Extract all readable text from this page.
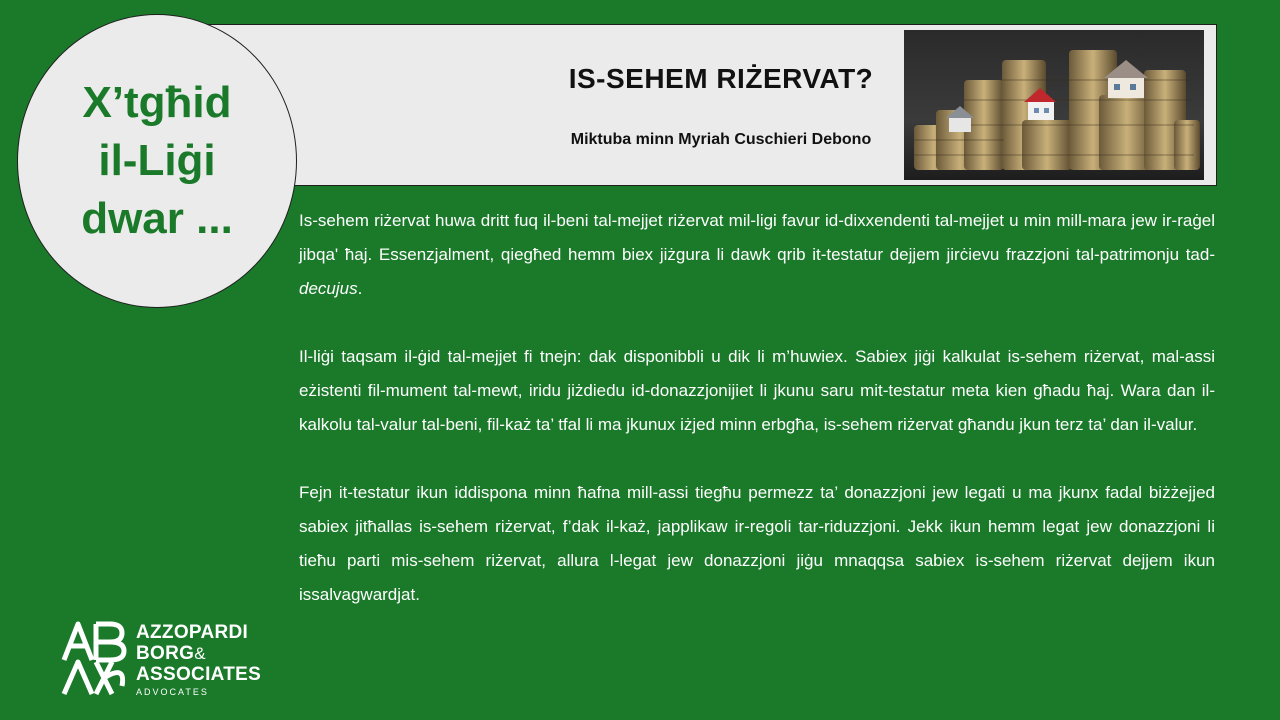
IS-SEHEM RIŻERVAT?
Miktuba minn Myriah Cuschieri Debono
X’tgħid
il-Liġi
dwar ...	Is-sehem riżervat huwa dritt fuq il-beni tal-mejjet riżervat mil-ligi favur id-dixxendenti tal-mejjet u min mill-mara jew ir-raġel jibqa' ħaj. Essenzjalment, qiegħed hemm biex jiżgura li dawk qrib it-testatur dejjem jirċievu frazzjoni tal-patrimonju tad-decujus.

Il-liġi taqsam il-ġid tal-mejjet fi tnejn: dak disponibbli u dik li m’huwiex. Sabiex jiġi kalkulat is-sehem riżervat, mal-assi eżistenti fil-mument tal-mewt, iridu jiżdiedu id-donazzjonijiet li jkunu saru mit-testatur meta kien għadu ħaj. Wara dan il-kalkolu tal-valur tal-beni, fil-każ ta’ tfal li ma jkunux iżjed minn erbgħa, is-sehem riżervat għandu jkun terz ta’ dan il-valur.

Fejn it-testatur ikun iddispona minn ħafna mill-assi tiegħu permezz ta’ donazzjoni jew legati u ma jkunx fadal biżżejjed sabiex jitħallas is-sehem riżervat, f’dak il-każ, japplikaw ir-regoli tar-riduzzjoni. Jekk ikun hemm legat jew donazzjoni li tieħu parti mis-sehem riżervat, allura l-legat jew donazzjoni jiġu mnaqqsa sabiex is-sehem riżervat dejjem ikun issalvagwardjat.

AZZOPARDI
BORG&
ASSOCIATES
ADVOCATES
